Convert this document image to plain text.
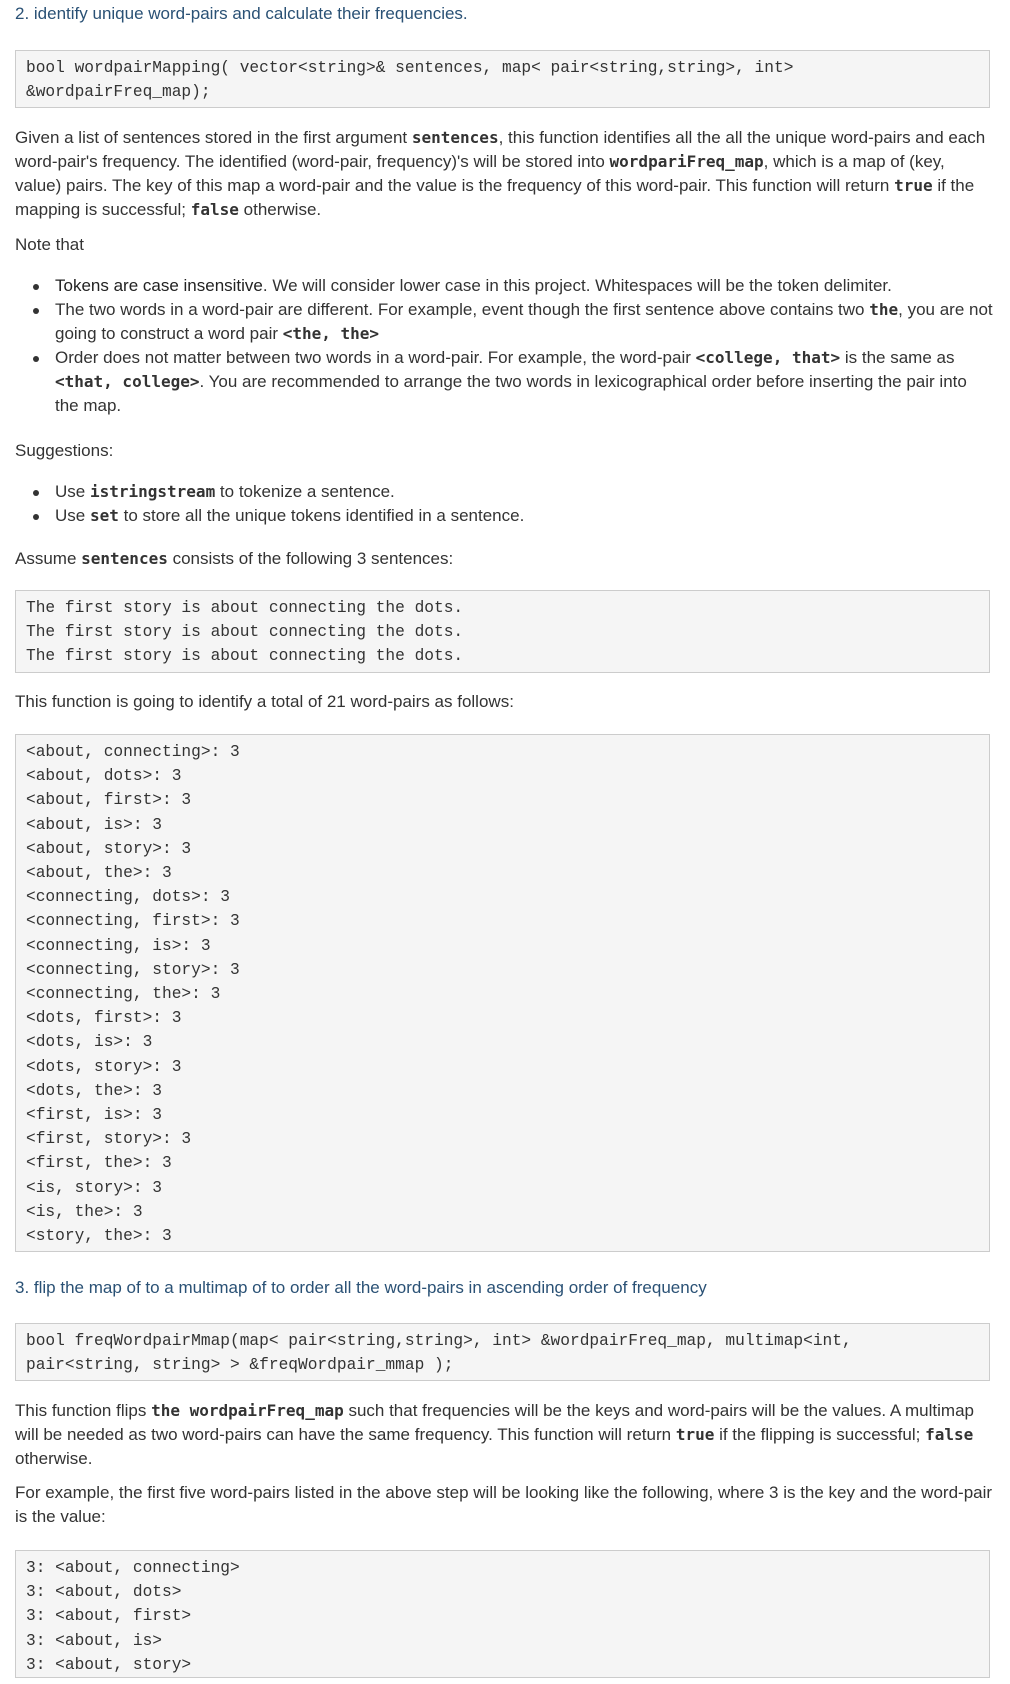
2. identify unique word-pairs and calculate their frequencies.
bool wordpairMapping( vector<string>& sentences, map< pair<string,string>, int>
&wordpairFreq_map);

Given a list of sentences stored in the first argument sentences, this function identifies all the all the unique word-pairs and each word-pair's frequency. The identified (word-pair, frequency)'s will be stored into wordpariFreq_map, which is a map of (key, value) pairs. The key of this map a word-pair and the value is the frequency of this word-pair. This function will return true if the mapping is successful; false otherwise.

Note that

Tokens are case insensitive. We will consider lower case in this project. Whitespaces will be the token delimiter.
The two words in a word-pair are different. For example, event though the first sentence above contains two the, you are not going to construct a word pair <the, the>
Order does not matter between two words in a word-pair. For example, the word-pair <college, that> is the same as <that, college>. You are recommended to arrange the two words in lexicographical order before inserting the pair into the map.

Suggestions:

Use istringstream to tokenize a sentence.
Use set to store all the unique tokens identified in a sentence.

Assume sentences consists of the following 3 sentences:

The first story is about connecting the dots.
The first story is about connecting the dots.
The first story is about connecting the dots.

This function is going to identify a total of 21 word-pairs as follows:

<about, connecting>: 3
<about, dots>: 3
<about, first>: 3
<about, is>: 3
<about, story>: 3
<about, the>: 3
<connecting, dots>: 3
<connecting, first>: 3
<connecting, is>: 3
<connecting, story>: 3
<connecting, the>: 3
<dots, first>: 3
<dots, is>: 3
<dots, story>: 3
<dots, the>: 3
<first, is>: 3
<first, story>: 3
<first, the>: 3
<is, story>: 3
<is, the>: 3
<story, the>: 3
3. flip the map of to a multimap of to order all the word-pairs in ascending order of frequency
bool freqWordpairMmap(map< pair<string,string>, int> &wordpairFreq_map, multimap<int,
pair<string, string> > &freqWordpair_mmap );

This function flips the wordpairFreq_map such that frequencies will be the keys and word-pairs will be the values. A multimap will be needed as two word-pairs can have the same frequency. This function will return true if the flipping is successful; false otherwise.

For example, the first five word-pairs listed in the above step will be looking like the following, where 3 is the key and the word-pair is the value:

3: <about, connecting>
3: <about, dots>
3: <about, first>
3: <about, is>
3: <about, story>
